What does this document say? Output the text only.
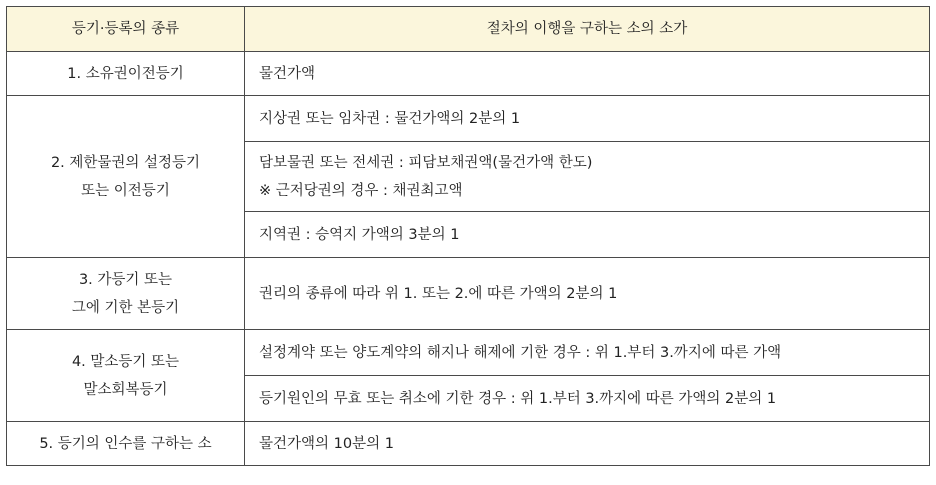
등기·등록의 종류	절차의 이행을 구하는 소의 소가

1. 소유권이전등기	물건가액

2. 제한물권의 설정등기
또는 이전등기	지상권 또는 임차권 : 물건가액의 2분의 1

	담보물권 또는 전세권 : 피담보채권액(물건가액 한도)
※ 근저당권의 경우 : 채권최고액

	지역권 : 승역지 가액의 3분의 1

3. 가등기 또는
그에 기한 본등기	권리의 종류에 따라 위 1. 또는 2.에 따른 가액의 2분의 1

4. 말소등기 또는
말소회복등기	설정계약 또는 양도계약의 해지나 해제에 기한 경우 : 위 1.부터 3.까지에 따른 가액

	등기원인의 무효 또는 취소에 기한 경우 : 위 1.부터 3.까지에 따른 가액의 2분의 1

5. 등기의 인수를 구하는 소	물건가액의 10분의 1
